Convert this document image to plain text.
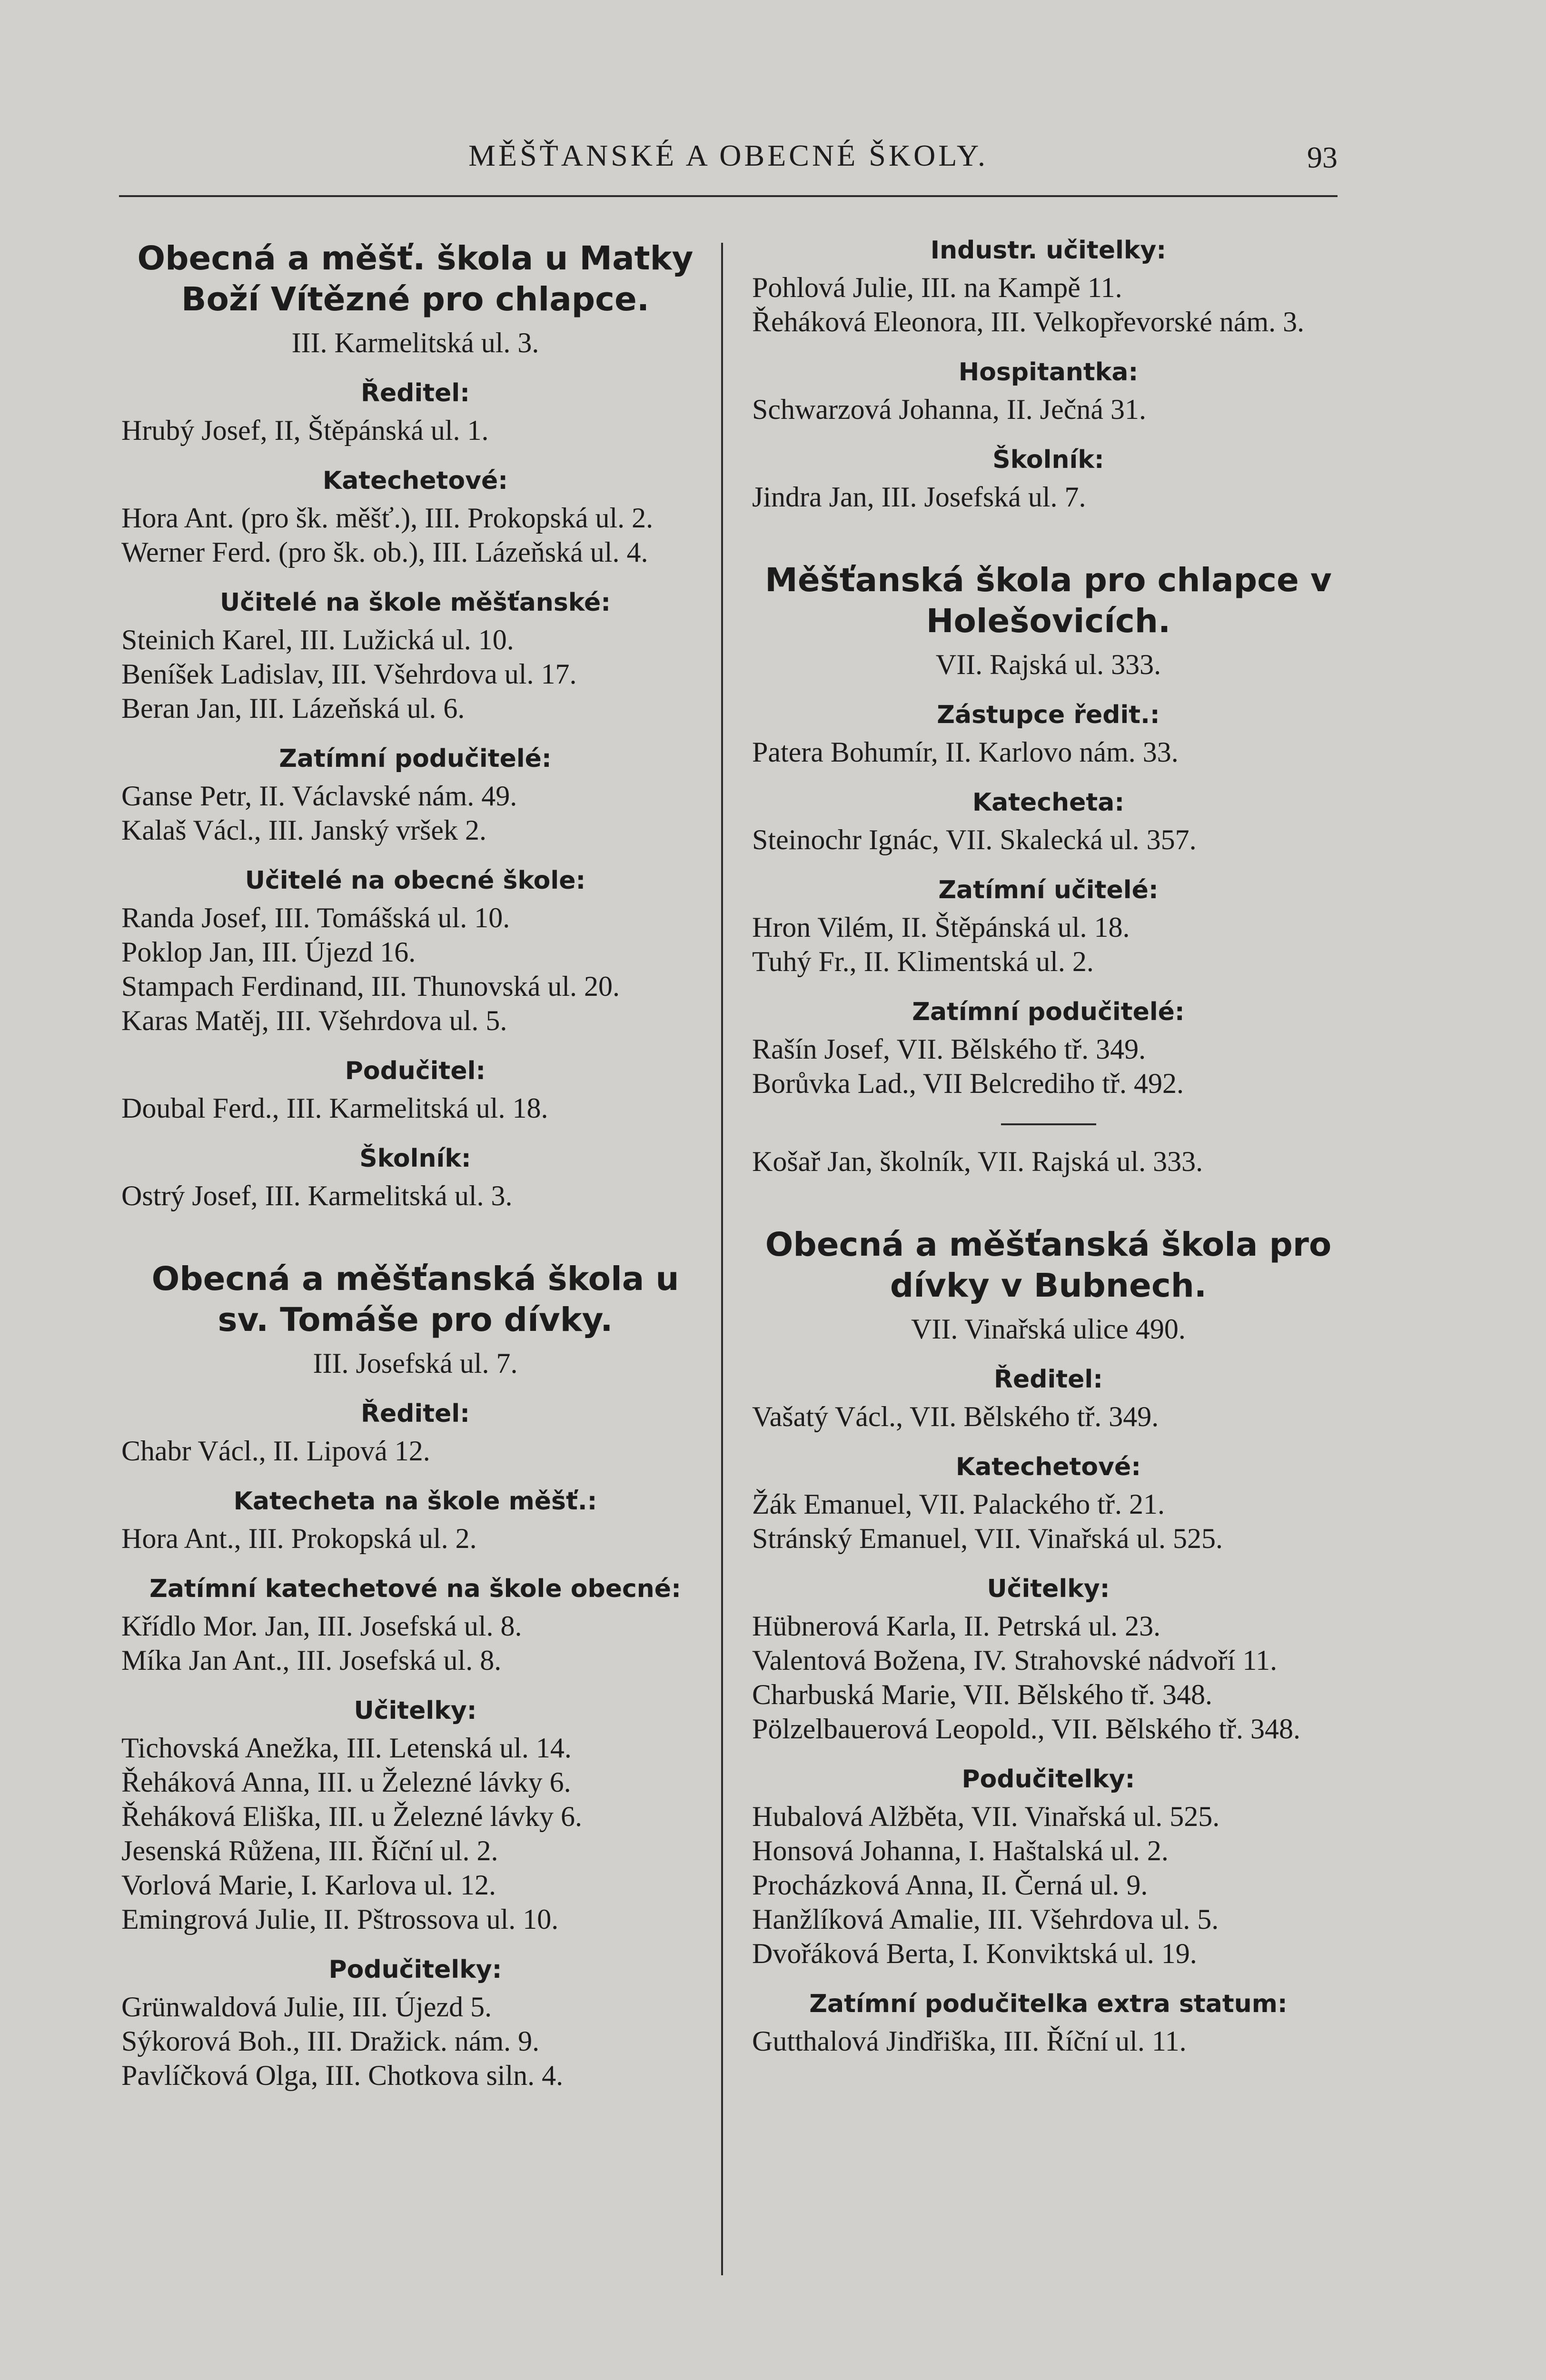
MĚŠŤANSKÉ A OBECNÉ ŠKOLY.	93
Obecná a měšť. škola u Matky Boží Vítězné pro chlapce.
III. Karmelitská ul. 3.
Ředitel:
Hrubý Josef, II, Štěpánská ul. 1.
Katechetové:
Hora Ant. (pro šk. měšť.), III. Prokopská ul. 2.
Werner Ferd. (pro šk. ob.), III. Lázeňská ul. 4.
Učitelé na škole měšťanské:
Steinich Karel, III. Lužická ul. 10.
Beníšek Ladislav, III. Všehrdova ul. 17.
Beran Jan, III. Lázeňská ul. 6.
Zatímní podučitelé:
Ganse Petr, II. Václavské nám. 49.
Kalaš Václ., III. Janský vršek 2.
Učitelé na obecné škole:
Randa Josef, III. Tomášská ul. 10.
Poklop Jan, III. Újezd 16.
Stampach Ferdinand, III. Thunovská ul. 20.
Karas Matěj, III. Všehrdova ul. 5.
Podučitel:
Doubal Ferd., III. Karmelitská ul. 18.
Školník:
Ostrý Josef, III. Karmelitská ul. 3.
Obecná a měšťanská škola u sv. Tomáše pro dívky.
III. Josefská ul. 7.
Ředitel:
Chabr Václ., II. Lipová 12.
Katecheta na škole měšť.:
Hora Ant., III. Prokopská ul. 2.
Zatímní katechetové na škole obecné:
Křídlo Mor. Jan, III. Josefská ul. 8.
Míka Jan Ant., III. Josefská ul. 8.
Učitelky:
Tichovská Anežka, III. Letenská ul. 14.
Řeháková Anna, III. u Železné lávky 6.
Řeháková Eliška, III. u Železné lávky 6.
Jesenská Růžena, III. Říční ul. 2.
Vorlová Marie, I. Karlova ul. 12.
Emingrová Julie, II. Pštrossova ul. 10.
Podučitelky:
Grünwaldová Julie, III. Újezd 5.
Sýkorová Boh., III. Dražick. nám. 9.
Pavlíčková Olga, III. Chotkova siln. 4.
Industr. učitelky:
Pohlová Julie, III. na Kampě 11.
Řeháková Eleonora, III. Velkopřevorské nám. 3.
Hospitantka:
Schwarzová Johanna, II. Ječná 31.
Školník:
Jindra Jan, III. Josefská ul. 7.
Měšťanská škola pro chlapce v Holešovicích.
VII. Rajská ul. 333.
Zástupce ředit.:
Patera Bohumír, II. Karlovo nám. 33.
Katecheta:
Steinochr Ignác, VII. Skalecká ul. 357.
Zatímní učitelé:
Hron Vilém, II. Štěpánská ul. 18.
Tuhý Fr., II. Klimentská ul. 2.
Zatímní podučitelé:
Rašín Josef, VII. Bělského tř. 349.
Borůvka Lad., VII Belcrediho tř. 492.
Košař Jan, školník, VII. Rajská ul. 333.
Obecná a měšťanská škola pro dívky v Bubnech.
VII. Vinařská ulice 490.
Ředitel:
Vašatý Václ., VII. Bělského tř. 349.
Katechetové:
Žák Emanuel, VII. Palackého tř. 21.
Stránský Emanuel, VII. Vinařská ul. 525.
Učitelky:
Hübnerová Karla, II. Petrská ul. 23.
Valentová Božena, IV. Strahovské nádvoří 11.
Charbuská Marie, VII. Bělského tř. 348.
Pölzelbauerová Leopold., VII. Bělského tř. 348.
Podučitelky:
Hubalová Alžběta, VII. Vinařská ul. 525.
Honsová Johanna, I. Haštalská ul. 2.
Procházková Anna, II. Černá ul. 9.
Hanžlíková Amalie, III. Všehrdova ul. 5.
Dvořáková Berta, I. Konviktská ul. 19.
Zatímní podučitelka extra statum:
Gutthalová Jindřiška, III. Říční ul. 11.
